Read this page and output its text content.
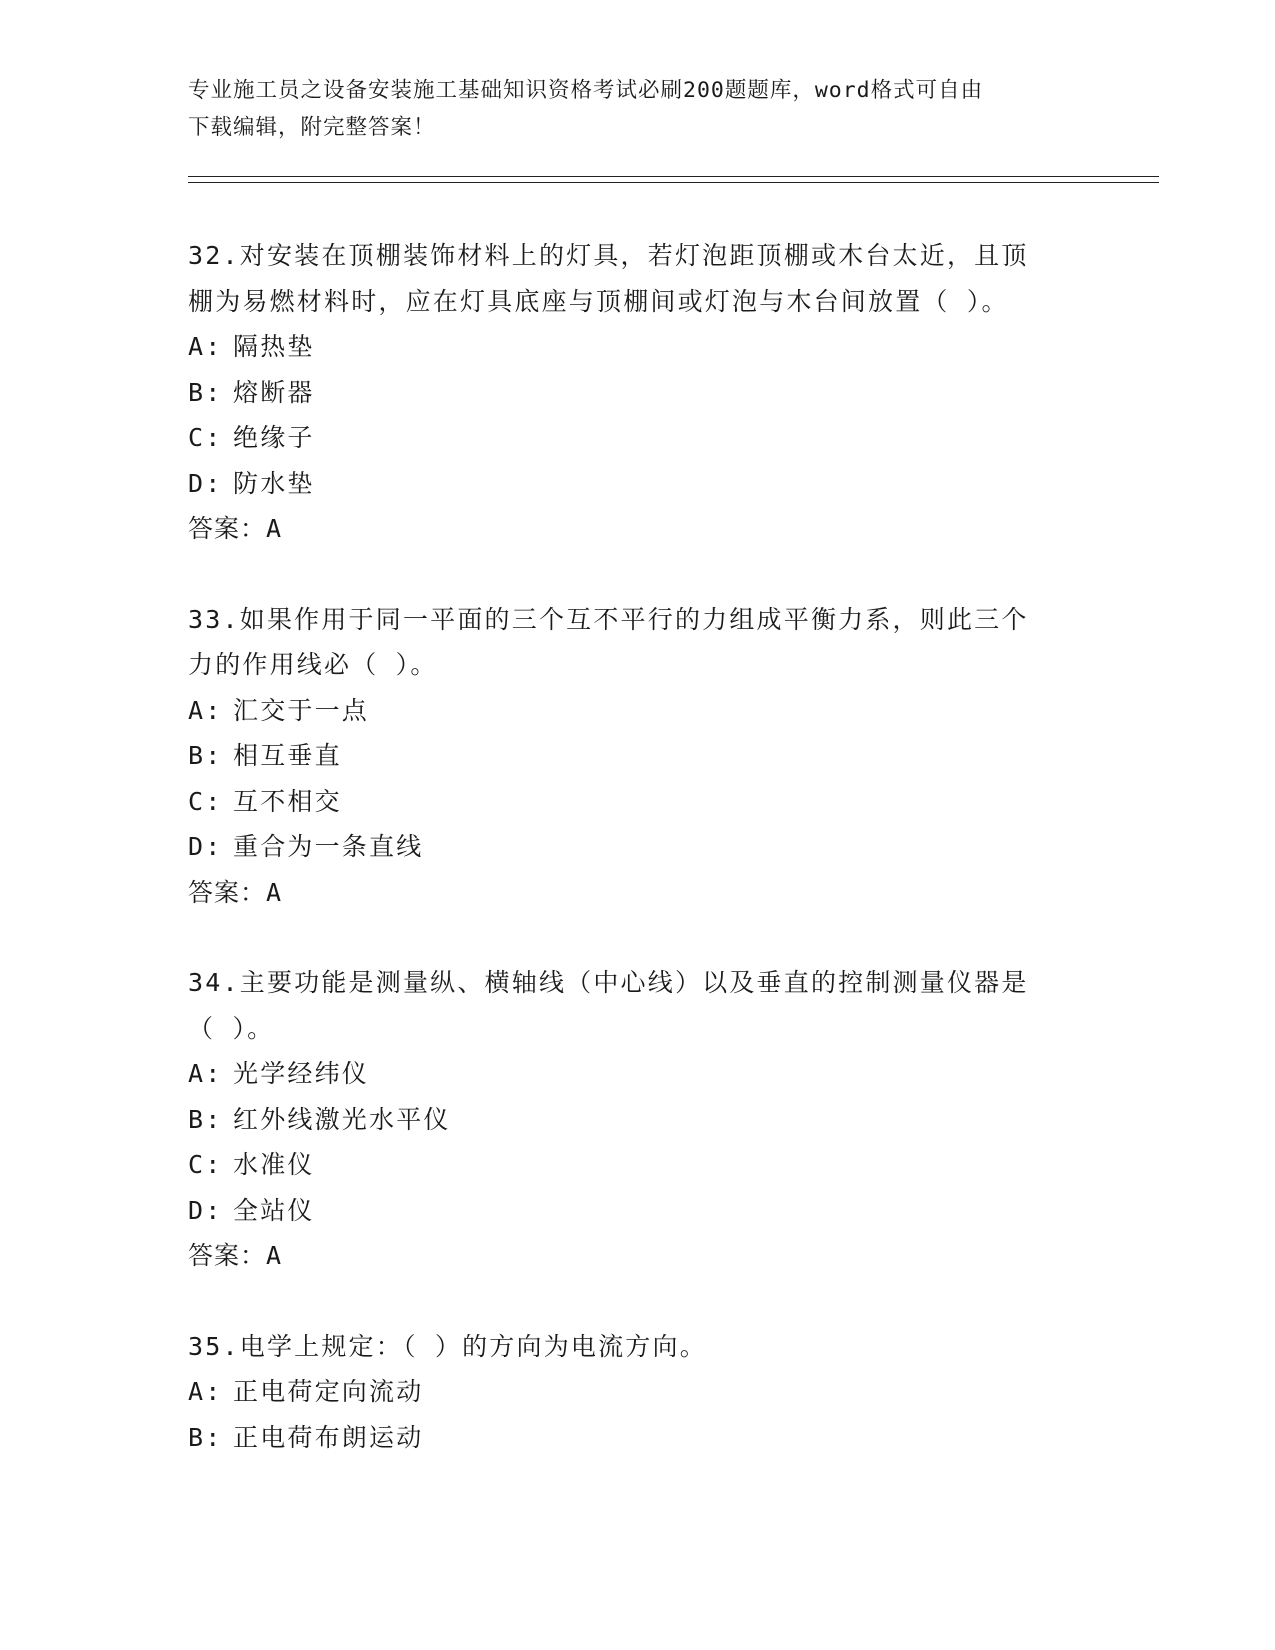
专业施工员之设备安装施工基础知识资格考试必刷200题题库，word格式可自由
下载编辑，附完整答案！
32.对安装在顶棚装饰材料上的灯具，若灯泡距顶棚或木台太近，且顶
棚为易燃材料时，应在灯具底座与顶棚间或灯泡与木台间放置（ ）。
A: 隔热垫
B: 熔断器
C: 绝缘子
D: 防水垫
答案：A
33.如果作用于同一平面的三个互不平行的力组成平衡力系，则此三个
力的作用线必（ ）。
A: 汇交于一点
B: 相互垂直
C: 互不相交
D: 重合为一条直线
答案：A
34.主要功能是测量纵、横轴线（中心线）以及垂直的控制测量仪器是
（ ）。
A: 光学经纬仪
B: 红外线激光水平仪
C: 水准仪
D: 全站仪
答案：A
35.电学上规定：（ ）的方向为电流方向。
A: 正电荷定向流动
B: 正电荷布朗运动
